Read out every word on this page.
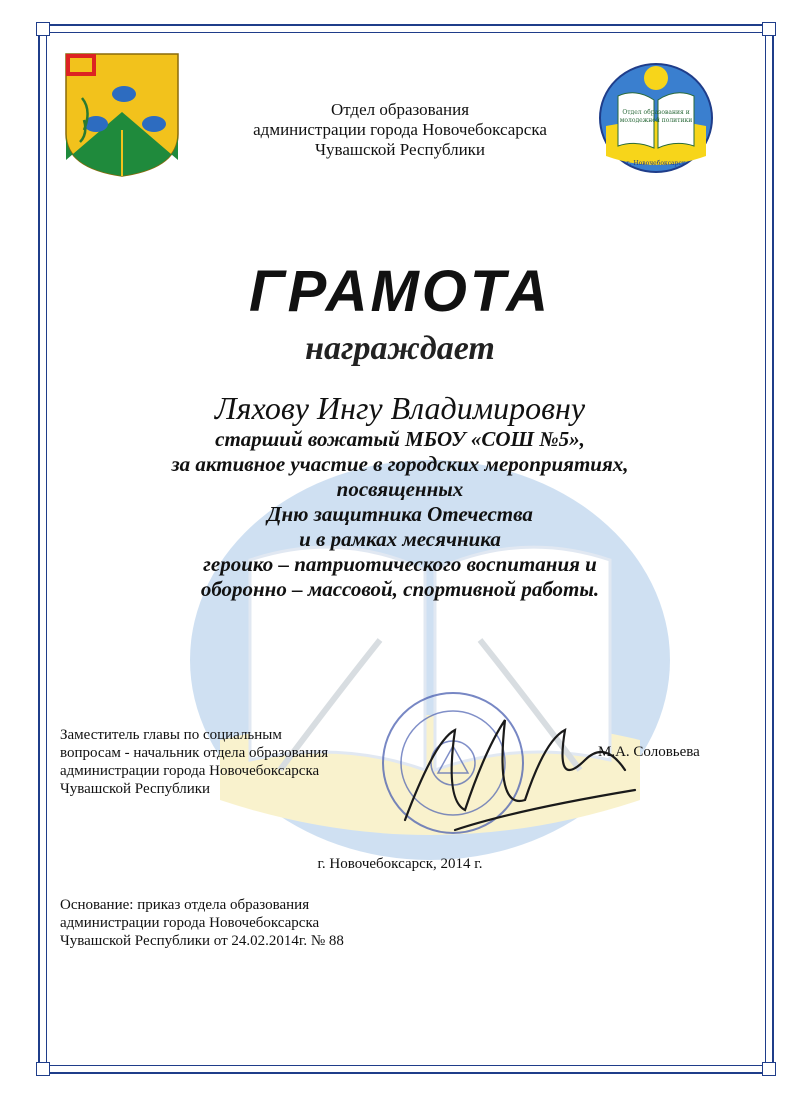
Отдел образования и
молодежной политики
г. Новочебоксарск
Отдел образования
администрации города Новочебоксарска
Чувашской Республики
ГРАМОТА
награждает
Ляхову Ингу Владимировну
старший вожатый МБОУ «СОШ №5»,
за активное участие в городских мероприятиях,
посвященных
Дню защитника Отечества
и в рамках месячника
героико – патриотического воспитания и
оборонно – массовой, спортивной работы.
Заместитель главы по социальным
вопросам - начальник отдела образования
администрации города Новочебоксарска
Чувашской Республики
М.А. Соловьева
г. Новочебоксарск, 2014 г.
Основание: приказ отдела образования
администрации города Новочебоксарска
Чувашской Республики от 24.02.2014г. № 88
